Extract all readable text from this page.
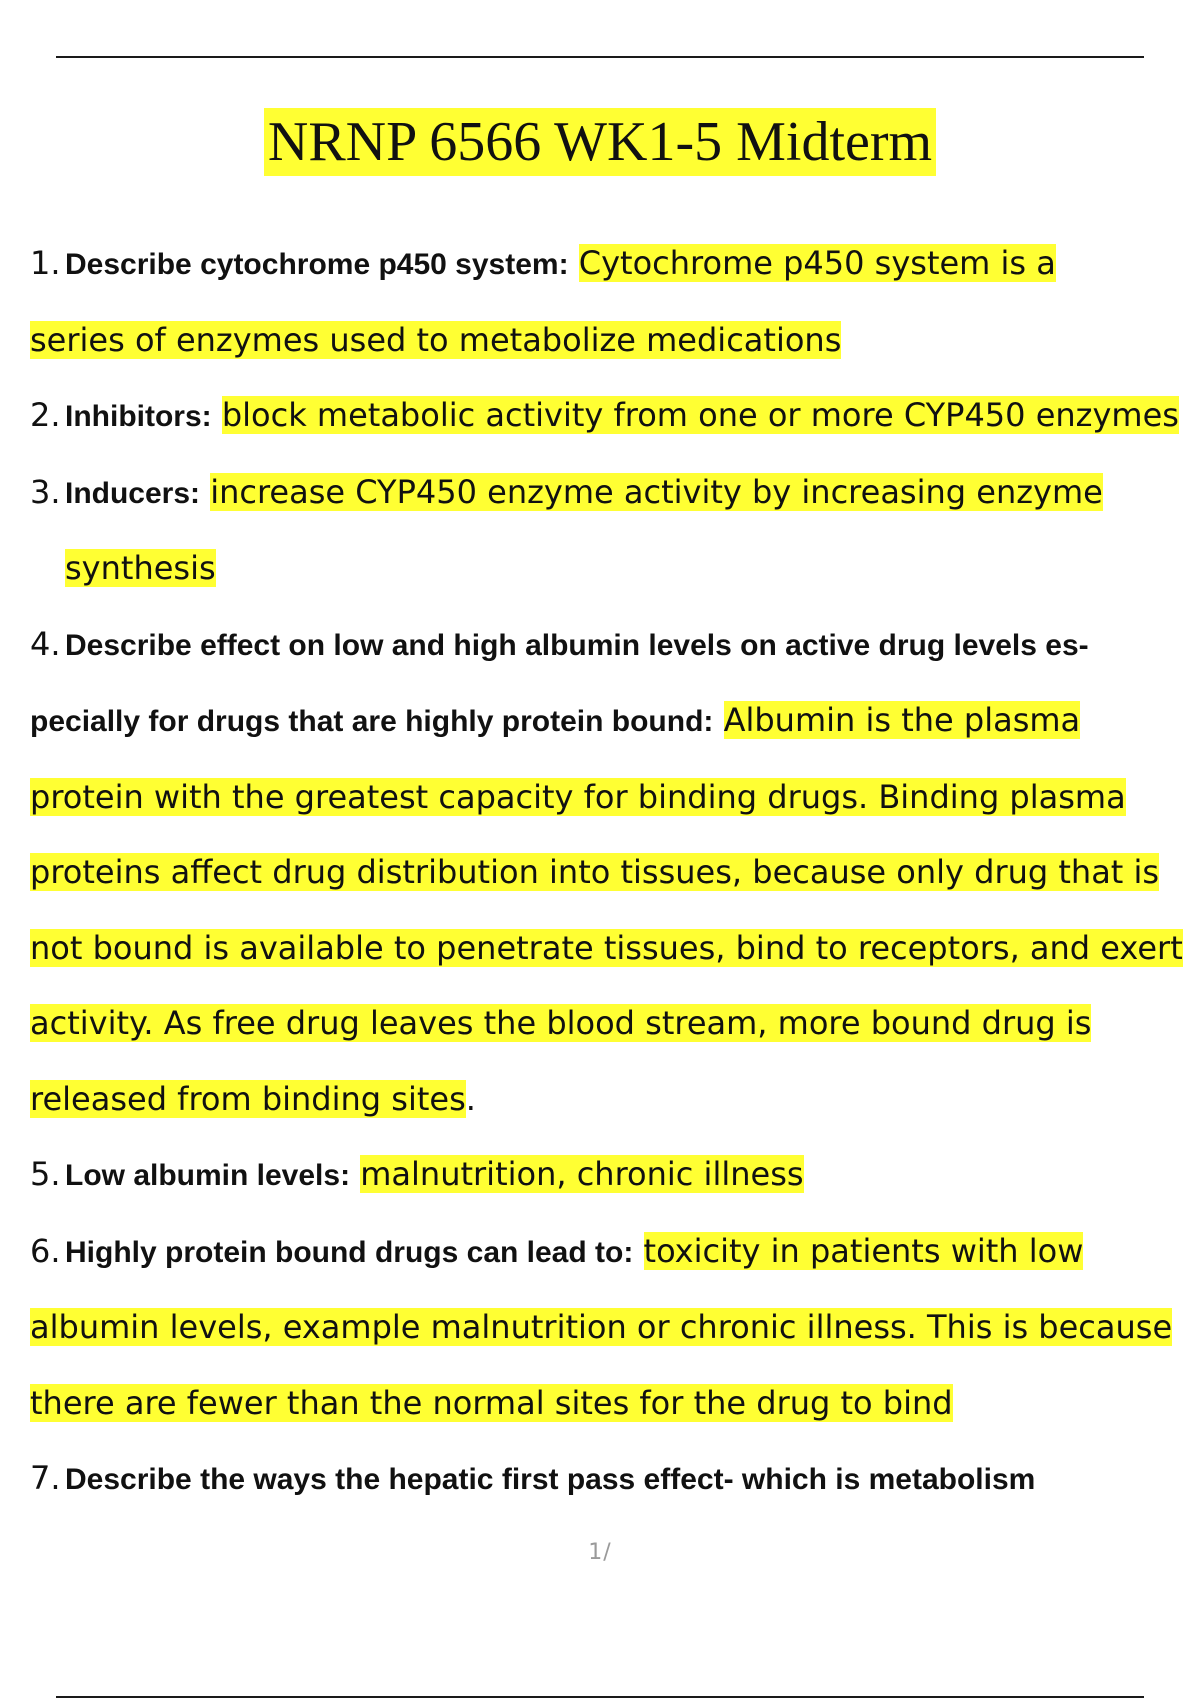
NRNP 6566 WK1-5 Midterm
1. Describe cytochrome p450 system: Cytochrome p450 system is a
series of enzymes used to metabolize medications
2. Inhibitors: block metabolic activity from one or more CYP450 enzymes
3. Inducers: increase CYP450 enzyme activity by increasing enzyme
synthesis
4. Describe effect on low and high albumin levels on active drug levels es-
pecially for drugs that are highly protein bound: Albumin is the plasma
protein with the greatest capacity for binding drugs. Binding plasma
proteins affect drug distribution into tissues, because only drug that is
not bound is available to penetrate tissues, bind to receptors, and exert
activity. As free drug leaves the blood stream, more bound drug is
released from binding sites.
5. Low albumin levels: malnutrition, chronic illness
6. Highly protein bound drugs can lead to: toxicity in patients with low
albumin levels, example malnutrition or chronic illness. This is because
there are fewer than the normal sites for the drug to bind
7. Describe the ways the hepatic first pass effect- which is metabolism
1/
